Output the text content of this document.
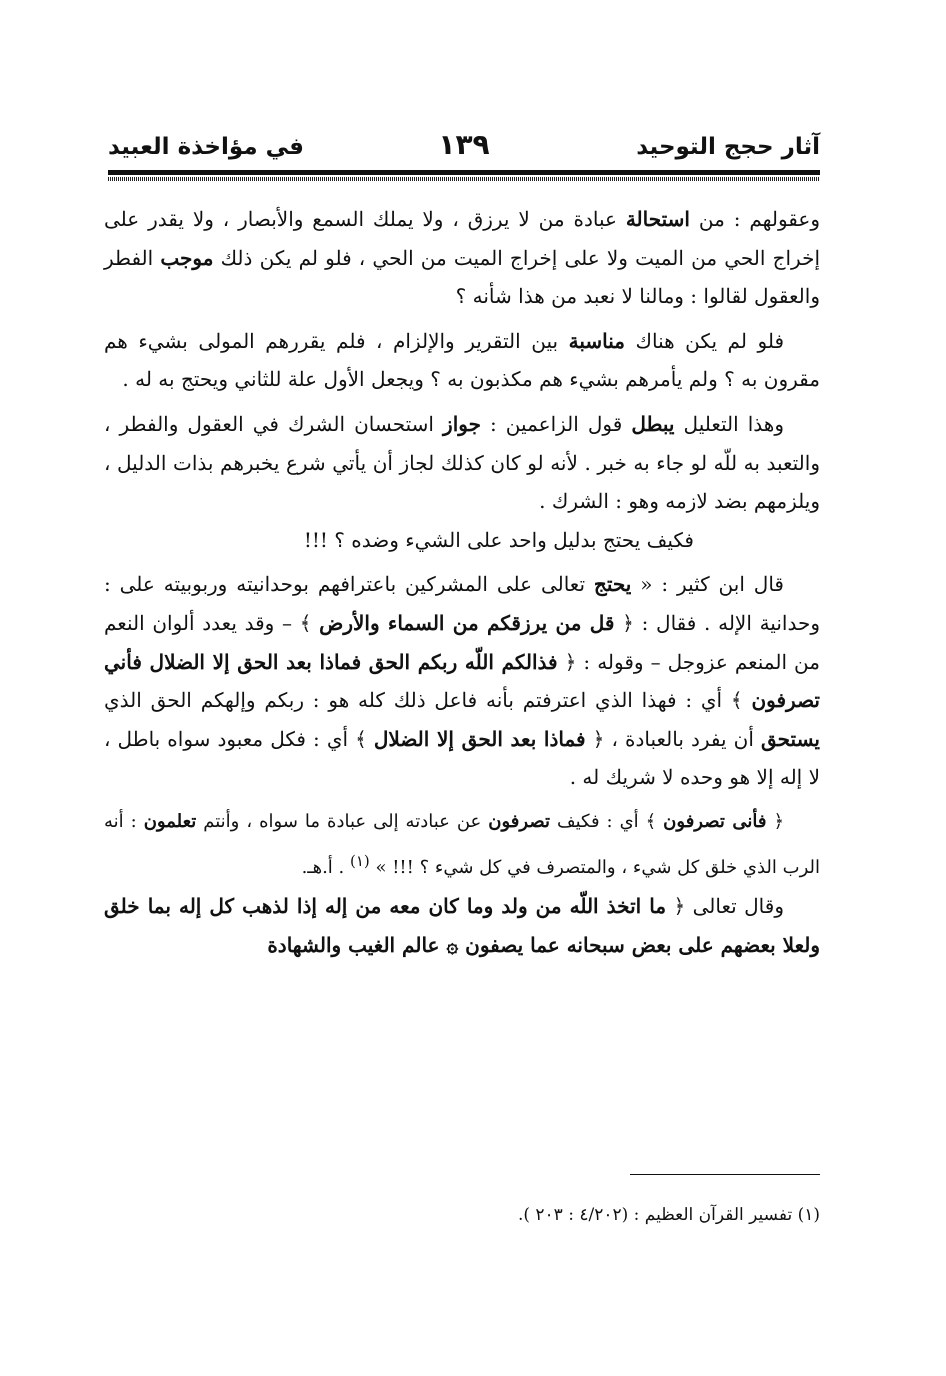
آثار حجج التوحيد
١٣٩
في مؤاخذة العبيد

وعقولهم : من استحالة عبادة من لا يرزق ، ولا يملك السمع والأبصار ، ولا يقدر على إخراج الحي من الميت ولا على إخراج الميت من الحي ، فلو لم يكن ذلك موجب الفطر والعقول لقالوا : ومالنا لا نعبد من هذا شأنه ؟

فلو لم يكن هناك مناسبة بين التقرير والإلزام ، فلم يقررهم المولى بشيء هم مقرون به ؟ ولم يأمرهم بشيء هم مكذبون به ؟ ويجعل الأول علة للثاني ويحتج به له .

وهذا التعليل يبطل قول الزاعمين : جواز استحسان الشرك في العقول والفطر ، والتعبد به للّه لو جاء به خبر . لأنه لو كان كذلك لجاز أن يأتي شرع يخبرهم بذات الدليل ، ويلزمهم بضد لازمه وهو : الشرك .

فكيف يحتج بدليل واحد على الشيء وضده ؟ !!!

قال ابن كثير : « يحتج تعالى على المشركين باعترافهم بوحدانيته وربوبيته على : وحدانية الإله . فقال : ﴿ قل من يرزقكم من السماء والأرض ﴾ – وقد يعدد ألوان النعم من المنعم عزوجل – وقوله : ﴿ فذالكم اللّه ربكم الحق فماذا بعد الحق إلا الضلال فأني تصرفون ﴾ أي : فهذا الذي اعترفتم بأنه فاعل ذلك كله هو : ربكم وإلهكم الحق الذي يستحق أن يفرد بالعبادة ، ﴿ فماذا بعد الحق إلا الضلال ﴾ أي : فكل معبود سواه باطل ، لا إله إلا هو وحده لا شريك له .

﴿ فأنى تصرفون ﴾ أي : فكيف تصرفون عن عبادته إلى عبادة ما سواه ، وأنتم تعلمون : أنه الرب الذي خلق كل شيء ، والمتصرف في كل شيء ؟ !!! » $^{(١)}$ . أ.هـ.

وقال تعالى ﴿ ما اتخذ اللّه من ولد وما كان معه من إله إذا لذهب كل إله بما خلق ولعلا بعضهم على بعض سبحانه عما يصفون ۞ عالم الغيب والشهادة

(١) تفسير القرآن العظيم : (٤/٢٠٢ : ٢٠٣ ).
